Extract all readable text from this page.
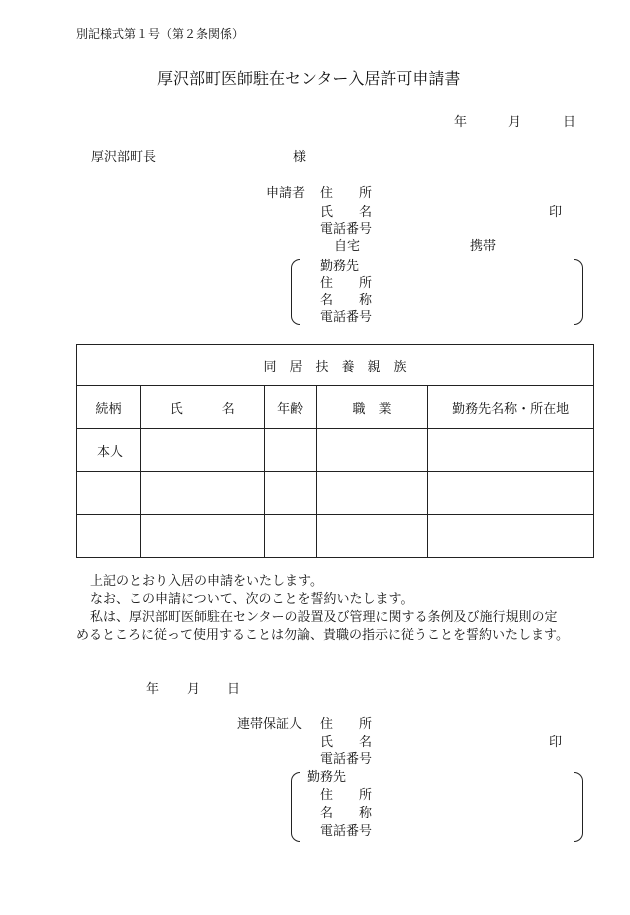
別記様式第１号（第２条関係）
厚沢部町医師駐在センター入居許可申請書
年	月	日
厚沢部町長	様
申請者 住　　所
氏　　名	印
電話番号
自宅	携帯
勤務先
住　　所
名　　称
電話番号
同　居　扶　養　親　族				
続柄	氏　　　名	年齢	職　業	勤務先名称・所在地
本人				

上記のとおり入居の申請をいたします。
なお、この申請について、次のことを誓約いたします。
私は、厚沢部町医師駐在センターの設置及び管理に関する条例及び施行規則の定
めるところに従って使用することは勿論、貴職の指示に従うことを誓約いたします。
年 月 日
連帯保証人 住　　所
氏　　名	印
電話番号
勤務先
住　　所
名　　称
電話番号
